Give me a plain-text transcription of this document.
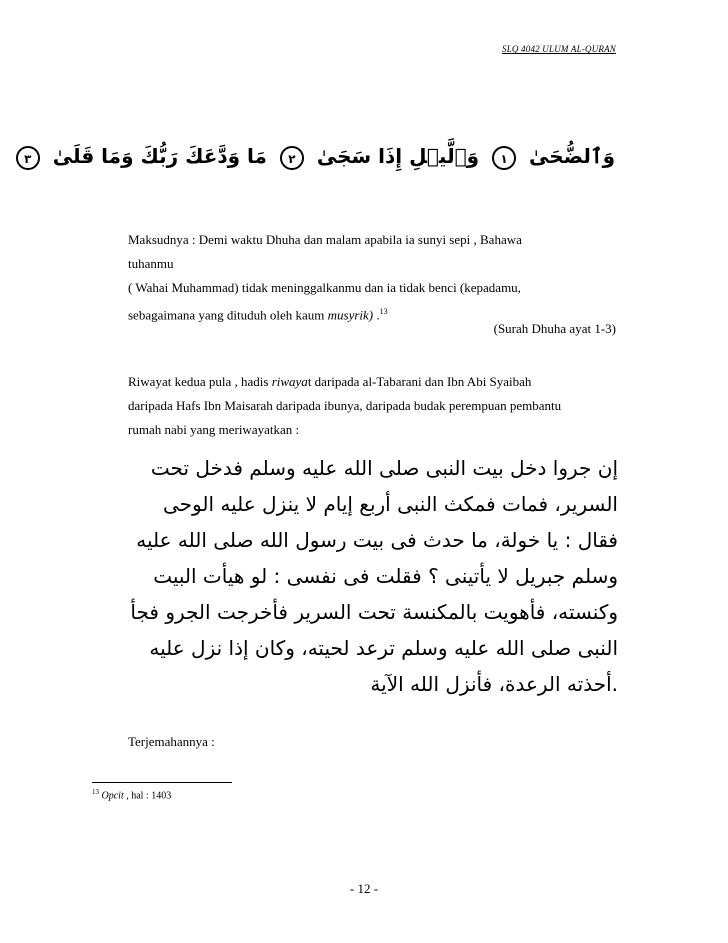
SLQ 4042 ULUM AL-QURAN
وَٱلضُّحَىٰ ١ وَٱلَّيۡلِ إِذَا سَجَىٰ ٢ مَا وَدَّعَكَ رَبُّكَ وَمَا قَلَىٰ ٣
Maksudnya : Demi waktu Dhuha dan malam apabila ia sunyi sepi , Bahawa
tuhanmu
( Wahai Muhammad) tidak meninggalkanmu dan ia tidak benci (kepadamu,
sebagaimana yang dituduh oleh kaum musyrik) .$^{13}$
(Surah Dhuha ayat 1-3)
Riwayat kedua pula , hadis riwayat daripada al-Tabarani dan Ibn Abi Syaibah
daripada Hafs Ibn Maisarah daripada ibunya, daripada budak perempuan pembantu
rumah nabi yang meriwayatkan :
إن جروا دخل بيت النبى صلى الله عليه وسلم فدخل تحت
السرير، فمات فمكث النبى أربع إيام لا ينزل عليه الوحى
فقال : يا خولة، ما حدث فى بيت رسول الله صلى الله عليه
وسلم جبريل لا يأتينى ؟ فقلت فى نفسى : لو هيأت البيت
وكنسته، فأهويت بالمكنسة تحت السرير فأخرجت الجرو فجأ
النبى صلى الله عليه وسلم ترعد لحيته، وكان إذا نزل عليه
.أحذته الرعدة، فأنزل الله الآية
Terjemahannya :
$^{13}$ Opcit , hal : 1403
- 12 -
